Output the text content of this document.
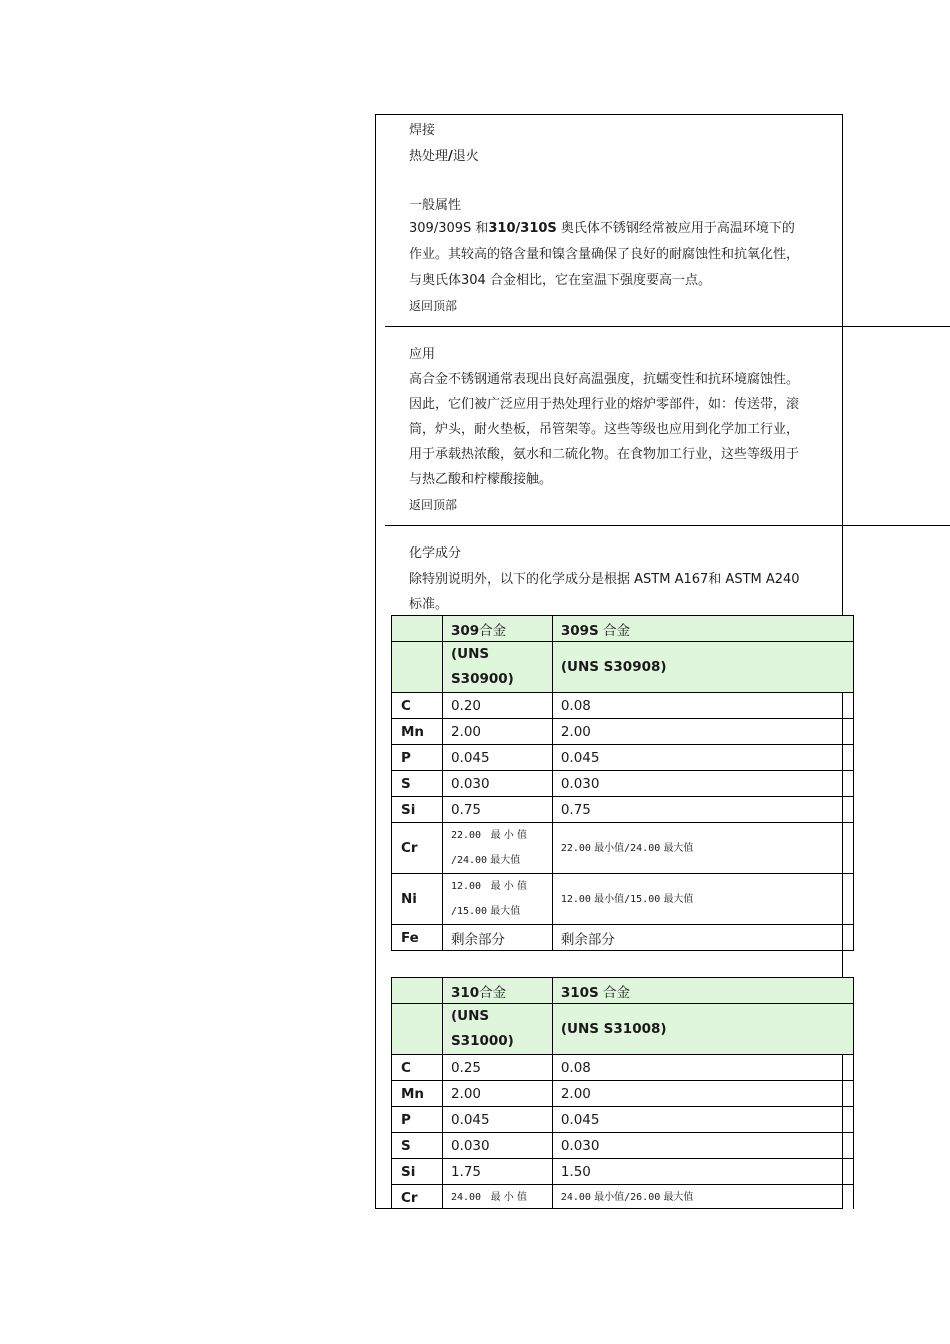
焊接
热处理/退火
一般属性
309/309S 和310/310S 奥氏体不锈钢经常被应用于高温环境下的
作业。其较高的铬含量和镍含量确保了良好的耐腐蚀性和抗氧化性，
与奥氏体304 合金相比，它在室温下强度要高一点。
返回顶部
应用
高合金不锈钢通常表现出良好高温强度，抗蠕变性和抗环境腐蚀性。
因此，它们被广泛应用于热处理行业的熔炉零部件，如：传送带，滚
筒，炉头，耐火垫板，吊管架等。这些等级也应用到化学加工行业，
用于承载热浓酸，氨水和二硫化物。在食物加工行业，这些等级用于
与热乙酸和柠檬酸接触。
返回顶部
化学成分
除特别说明外，以下的化学成分是根据 ASTM A167和 ASTM A240
标准。
	309合金	309S 合金
	(UNS
S30900)	(UNS S30908)
C	0.20	0.08
Mn	2.00	2.00
P	0.045	0.045
S	0.030	0.030
Si	0.75	0.75
Cr	22.00 最 小 值
/24.00 最大值	22.00 最小值/24.00 最大值
Ni	12.00 最 小 值
/15.00 最大值	12.00 最小值/15.00 最大值
Fe	剩余部分	剩余部分
	310合金	310S 合金
	(UNS
S31000)	(UNS S31008)
C	0.25	0.08
Mn	2.00	2.00
P	0.045	0.045
S	0.030	0.030
Si	1.75	1.50
Cr	24.00 最 小 值	24.00 最小值/26.00 最大值
